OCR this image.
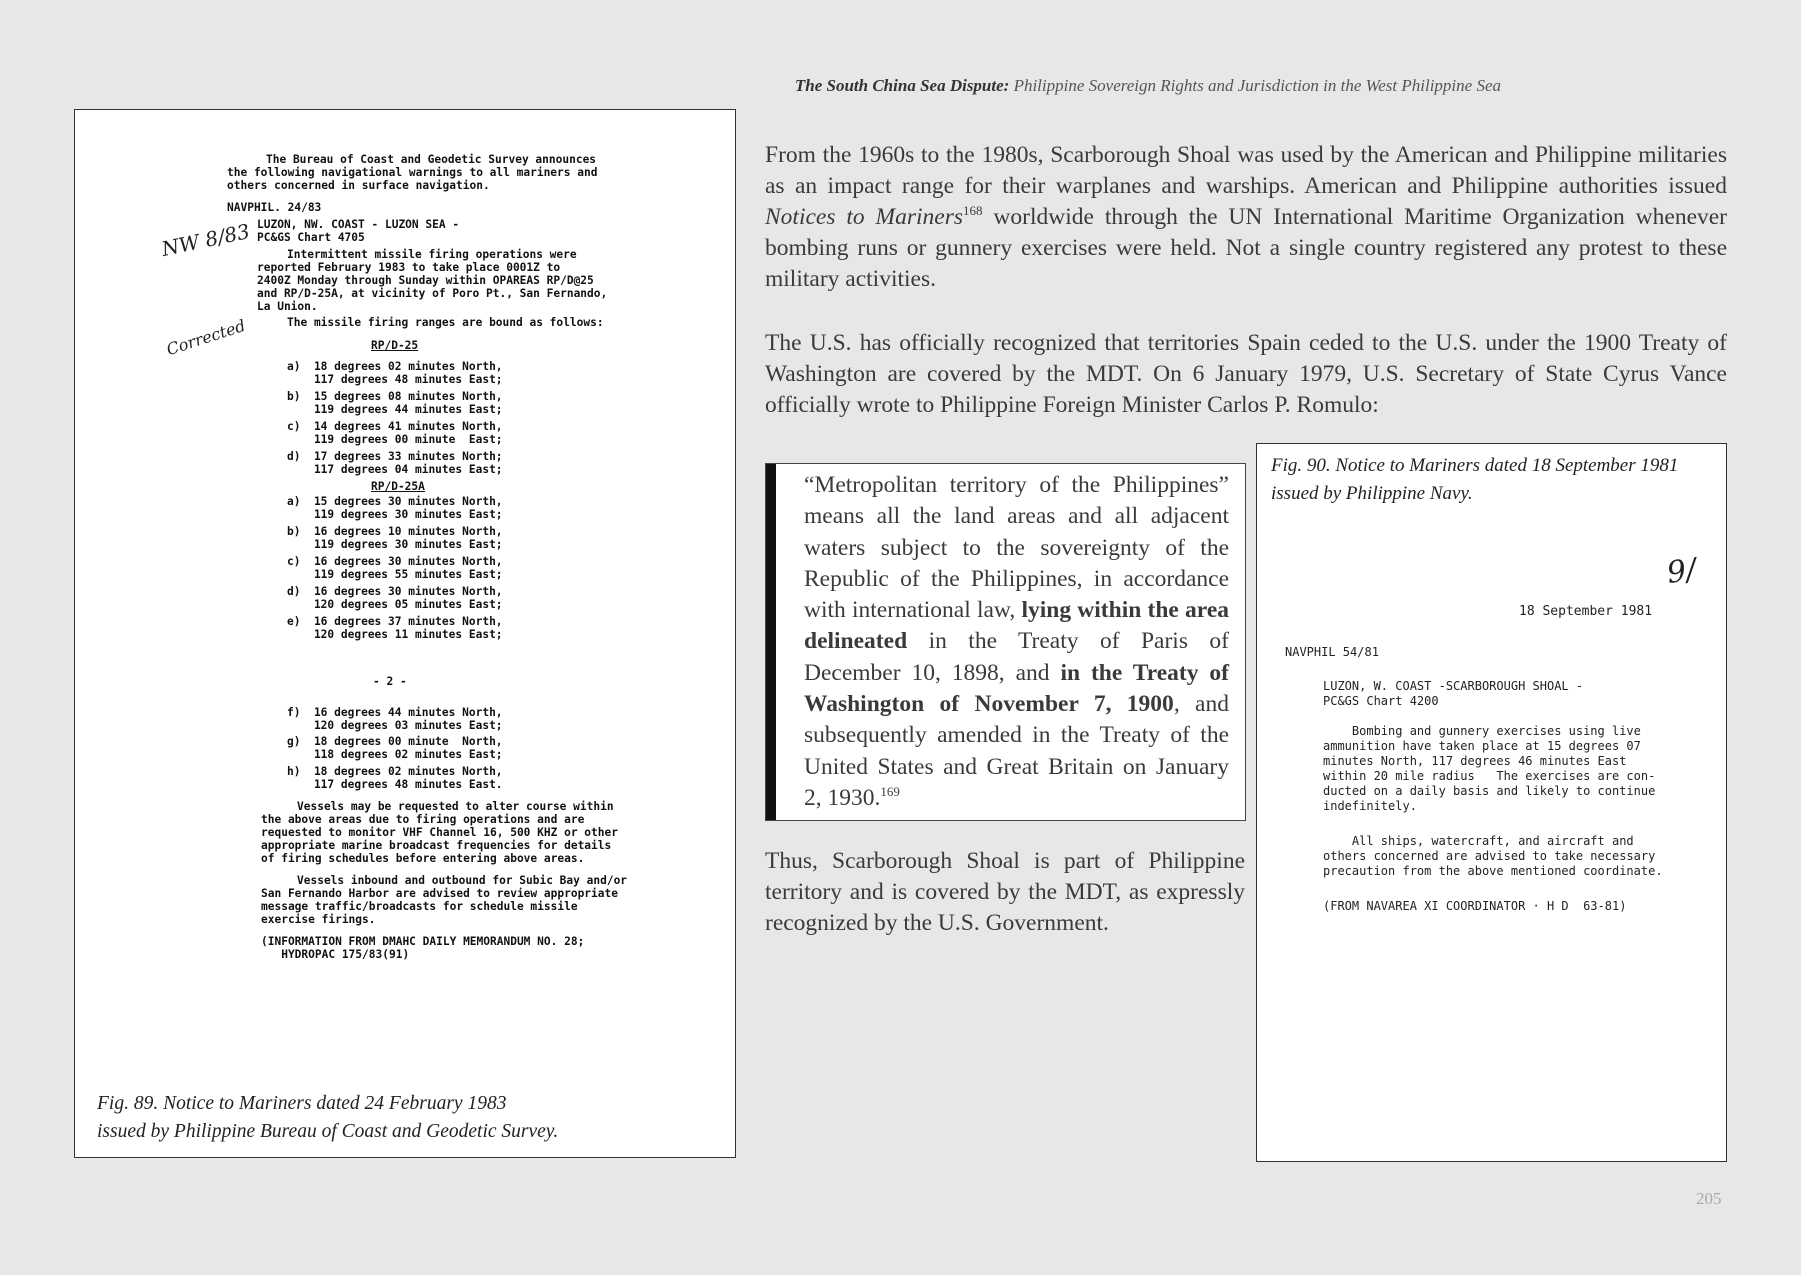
The South China Sea Dispute: Philippine Sovereign Rights and Jurisdiction in the West Philippine Sea
The Bureau of Coast and Geodetic Survey announces
the following navigational warnings to all mariners and
others concerned in surface navigation.
NAVPHIL. 24/83
LUZON, NW. COAST - LUZON SEA -
PC&GS Chart 4705
Intermittent missile firing operations were
reported February 1983 to take place 0001Z to
2400Z Monday through Sunday within OPAREAS RP/D@25
and RP/D-25A, at vicinity of Poro Pt., San Fernando,
La Union.
The missile firing ranges are bound as follows:
RP/D-25
a)  18 degrees 02 minutes North,
117 degrees 48 minutes East;
b)  15 degrees 08 minutes North,
119 degrees 44 minutes East;
c)  14 degrees 41 minutes North,
119 degrees 00 minute  East;
d)  17 degrees 33 minutes North;
117 degrees 04 minutes East;
RP/D-25A
a)  15 degrees 30 minutes North,
119 degrees 30 minutes East;
b)  16 degrees 10 minutes North,
119 degrees 30 minutes East;
c)  16 degrees 30 minutes North,
119 degrees 55 minutes East;
d)  16 degrees 30 minutes North,
120 degrees 05 minutes East;
e)  16 degrees 37 minutes North,
120 degrees 11 minutes East;
- 2 -
f)  16 degrees 44 minutes North,
120 degrees 03 minutes East;
g)  18 degrees 00 minute  North,
118 degrees 02 minutes East;
h)  18 degrees 02 minutes North,
117 degrees 48 minutes East.
Vessels may be requested to alter course within
the above areas due to firing operations and are
requested to monitor VHF Channel 16, 500 KHZ or other
appropriate marine broadcast frequencies for details
of firing schedules before entering above areas.
Vessels inbound and outbound for Subic Bay and/or
San Fernando Harbor are advised to review appropriate
message traffic/broadcasts for schedule missile
exercise firings.
(INFORMATION FROM DMAHC DAILY MEMORANDUM NO. 28;
HYDROPAC 175/83(91)
NW 8/83
Corrected
Fig. 89. Notice to Mariners dated 24 February 1983
issued by Philippine Bureau of Coast and Geodetic Survey.

From the 1960s to the 1980s, Scarborough Shoal was used by the American and Philippine militaries as an impact range for their warplanes and warships. American and Philippine authorities issued Notices to Mariners$^{168}$ worldwide through the UN International Maritime Organization whenever bombing runs or gunnery exercises were held. Not a single country registered any protest to these military activities.

The U.S. has officially recognized that territories Spain ceded to the U.S. under the 1900 Treaty of Washington are covered by the MDT. On 6 January 1979, U.S. Secretary of State Cyrus Vance officially wrote to Philippine Foreign Minister Carlos P. Romulo:

“Metropolitan territory of the Philippines” means all the land areas and all adjacent waters subject to the sovereignty of the Republic of the Philippines, in accordance with international law, lying within the area delineated in the Treaty of Paris of December 10, 1898, and in the Treaty of Washington of November 7, 1900, and subsequently amended in the Treaty of the United States and Great Britain on January 2, 1930.$^{169}$

Thus, Scarborough Shoal is part of Philippine territory and is covered by the MDT, as expressly recognized by the U.S. Government.

Fig. 90. Notice to Mariners dated 18 September 1981
issued by Philippine Navy.
18 September 1981
9/
NAVPHIL 54/81
LUZON, W. COAST -SCARBOROUGH SHOAL -
PC&GS Chart 4200
Bombing and gunnery exercises using live
ammunition have taken place at 15 degrees 07
minutes North, 117 degrees 46 minutes East
within 20 mile radius   The exercises are con-
ducted on a daily basis and likely to continue
indefinitely.
All ships, watercraft, and aircraft and
others concerned are advised to take necessary
precaution from the above mentioned coordinate.
(FROM NAVAREA XI COORDINATOR · H D  63-81)
205
